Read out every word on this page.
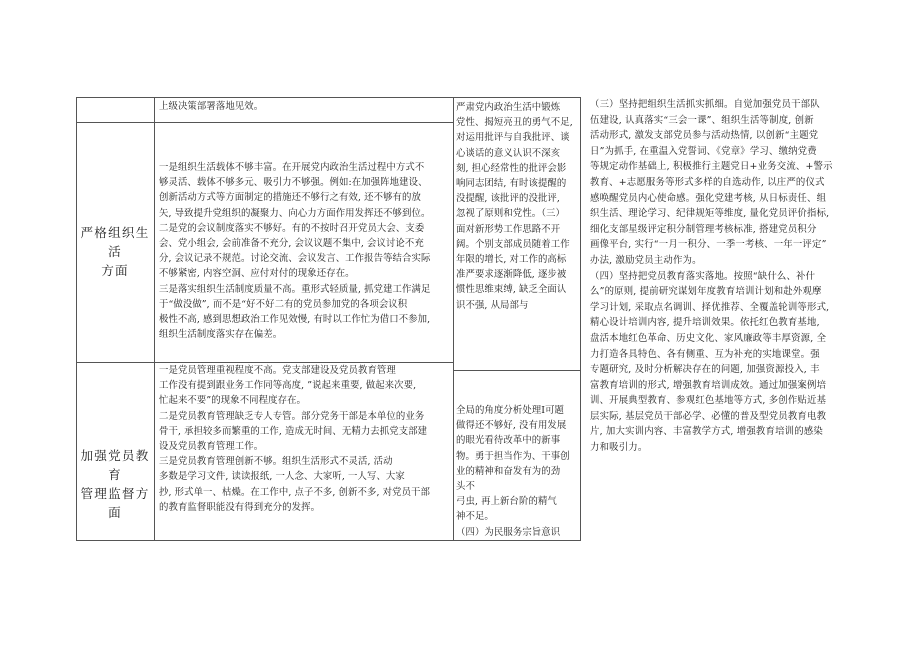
上级决策部署落地见效。

严格组织生活

方面

一是组织生活载体不够丰富。在开展党内政治生活过程中方式不

够灵活、载体不够多元、吸引力不够强。例如:在加强阵地建设、

创新活动方式等方面制定的措施还不够行之有效, 还不够有的放

矢, 导致提升党组织的凝聚力、向心力方面作用发挥还不够到位。

二是党的会议制度落实不够好。有的不按时召开党员大会、支委

会、党小组会, 会前准备不充分, 会议议题不集中, 会议讨论不充

分, 会议记录不规范。讨论交流、会议发言、工作报告等结合实际

不够紧密, 内容空洞、应付对付的现象还存在。

三是落实组织生活制度质量不高。重形式轻质量, 抓党建工作满足

于“做没做”, 而不是“好不好二有的党员参加党的各项会议积

极性不高, 感到思想政治工作见效慢, 有时以工作忙为借口不参加,

组织生活制度落实存在偏差。

加强党员教育

管理监督方面

一是党员管理重视程度不高。党支部建设及党员教育管理

工作没有提到跟业务工作同等高度, ”说起来重要, 做起来次要,

忙起来不要”的现象不同程度存在。

二是党员教育管理缺乏专人专管。部分党务干部是本单位的业务

骨干, 承担较多而繁重的工作, 造成无时间、无精力去抓党支部建

设及党员教育管理工作。

三是党员教育管理创新不够。组织生活形式不灵活, 活动

多数是学习文件, 读读报纸, 一人念、大家听, 一人写、大家

抄, 形式单一、枯燥。在工作中, 点子不多, 创新不多, 对党员干部

的教育监督职能没有得到充分的发挥。

严肃党内政治生活中锻炼

党性、揭短亮丑的勇气不足,

对运用批评与自我批评、谈

心谈话的意义认识不深亥

刻, 担心经常性的批评会影

响同志团结, 有时该提醒的

没提醒, 该批评的没批评,

忽视了原则和党性。（三）

面对新形势工作思路不开

阔。个别支部成员随着工作

年限的增长, 对工作的高标

准严要求逐渐降低, 逐步被

惯性思维束缚, 缺乏全面认

识不强, 从局部与

全局的角度分析处理I可题

做得还不够好, 没有用发展

的眼光看待改革中的新事

物。勇于担当作为、干事创

业的精神和奋发有为的劲

头不

弓虫, 再上新台阶的精气

神不足。

（四）为民服务宗旨意识

（三）坚持把组织生活抓实抓细。自觉加强党员干部队

伍建设, 认真落实“三会一课”、组织生活等制度, 创新

活动形式, 激发支部党员参与活动热情, 以创新“主题党

日”为抓手, 在重温入党誓词、《党章》学习、缴纳党费

等规定动作基础上, 积极推行主题党日+业务交流、+警示

教育、+志愿服务等形式多样的自选动作, 以庄严的仪式

感唤醒党员内心使命感。强化党建考核, 从日标责任、组

织生活、理论学习、纪律规矩等维度, 量化党员评价指标,

细化支部星级评定积分制管理考核标准, 搭建党员积分

画像平台, 实行“一月一积分、一季一考核、一年一评定”

办法, 激励党员主动作为。

（四）坚持把党员教育落实落地。按照“缺什么、补什

么”的原则, 提前研究谋划年度教育培训计划和赴外观摩

学习计划, 采取点名调训、择优推荐、全覆盖轮训等形式,

精心设计培训内容, 提升培训效果。依托红色教育基地,

盘活本地红色革命、历史文化、家风廉政等丰厚资源, 全

力打造各具特色、各有侧重、互为补充的实地课堂。强

专题研究, 及时分析解决存在的问题, 加强资源投入, 丰

富教育培训的形式, 增强教育培训成效。通过加强案例培

训、开展典型教育、参观红色基地等方式, 多创作贴近基

层实际, 基层党员干部必学、必懂的普及型党员教育电教

片, 加大实训内容、丰富教学方式, 增强教育培训的感染

力和吸引力。
